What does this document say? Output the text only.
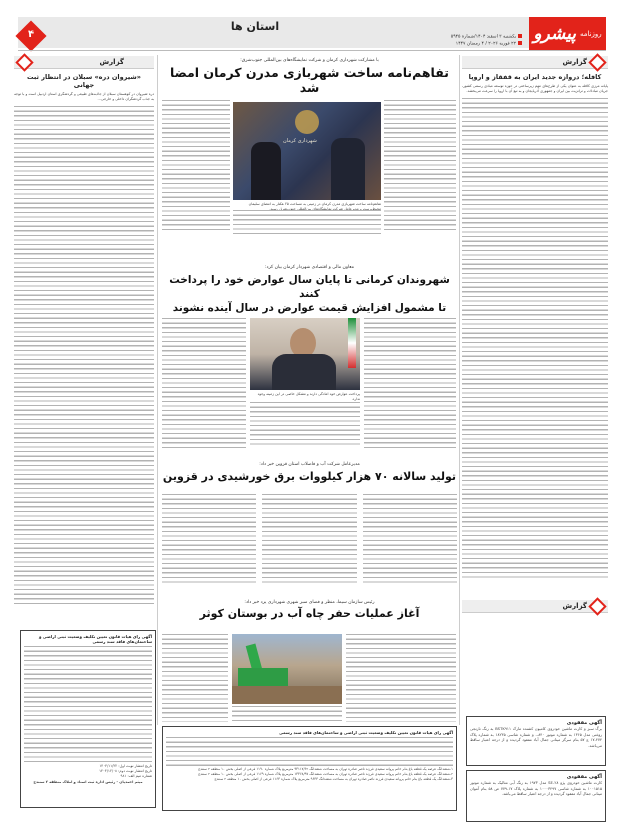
روزنامه
پیشرو
استان ها
یکشنبه ۳ اسفند ۱۴۰۴/شماره ۵۹۴۵
۲۲ فوریه ۲۰۲۶ / ۴ رمضان ۱۴۴۷
۴
گزارش
کافله؛ دروازه جدید ایران به قفقاز و اروپا
پایانه مرزی کافله به عنوان یکی از طرح‌های مهم زیرساختی در حوزه توسعه مبادی رسمی کشور، جریان مبادلات و ترانزیت بین ایران و جمهوری آذربایجان و به تبع آن با اروپا را سرعت می‌بخشد.
گزارش
گزارش
«شیروان دره» سبلان در انتظار ثبت جهانی
دره شیروان در کوهستان سبلان از جاذبه‌های طبیعی و گردشگری استان اردبیل است و با توجه به جذب گردشگران داخلی و خارجی...
با مشارکت شهرداری کرمان و شرکت نمایشگاه‌های بین‌المللی جنوب‌شرق:
تفاهم‌نامه ساخت شهربازی مدرن کرمان امضا شد
شهرداری کرمان
تفاهم‌نامه ساخت شهربازی مدرن کرمان در زمینی به مساحت ۲۵ هکتار به امضای سلیمان محیط‌پرست و مدیرعامل شرکت نمایشگاه‌های بین‌المللی جنوب‌شرق رسید.
معاون مالی و اقتصادی شهردار کرمان بیان کرد:
شهروندان کرمانی تا پایان سال عوارض خود را پرداخت کنند
تا مشمول افزایش قیمت عوارض در سال آینده نشوند
پرداخت عوارض خود آمادگی دارند و مشکل خاصی در این زمینه وجود ندارد.
مدیرعامل شرکت آب و فاضلاب استان قزوین خبر داد:
تولید سالانه ۷۰ هزار کیلووات برق خورشیدی در قزوین
رئیس سازمان سیما، منظر و فضای سبز شهری شهرداری یزد خبر داد:
آغاز عملیات حفر چاه آب در بوستان کوثر
آگهی رای هیات قانون تعیین تکلیف وضعیت ثبتی اراضی و ساختمان‌های فاقد سند رسمی
تاریخ انتشار نوبت اول: ۱۴۰۴/۱۱/۲۲
تاریخ انتشار نوبت دوم: ۱۴۰۴/۱۲/۰۸
شماره میم الف: ۹۸۱
میثم احمدیان - رئیس اداره ثبت اسناد و املاک منطقه ۲ سنندج
آگهی رای هیات قانون تعیین تکلیف وضعیت ثبتی اراضی و ساختمان‌های فاقد سند رسمی
۱-ششدانگ عرصه یک قطعه باغ بنام خانم پروانه سفیدی فرزند ناصر صادره تهران به مساحت ششدانگ ۹۳۱۱۷/۶۲ مترمربع پلاک شماره ۱۱۹۰ فرعی از اصلی بخش ۱۰ منطقه ۲ سنندج
۲-ششدانگ عرصه یک قطعه باغ بنام خانم پروانه سفیدی فرزند ناصر صادره تهران به مساحت ششدانگ ۱۳۳۶۸/۹۷ مترمربع پلاک شماره ۱۱۶۹ فرعی از اصلی بخش ۱۰ منطقه ۲ سنندج
۳-ششدانگ یک قطعه باغ بنام خانم پروانه سفیدی فرزند ناصر صادره تهران به مساحت ششدانگ ۹۶۳۳ مترمربع پلاک شماره ۱۱۶۳ فرعی از اصلی بخش ۱۰ منطقه ۲ سنندج
آگهی مفقودی
برگ سبز و کارت ماشین خودروی کامیون کشنده مارک BSTK۹۱۱ به رنگ نارنجی روغنی مدل ۱۳۶۵ به شماره موتور ۸۴۰-- و شماره شاسی ۱۸۲۳۵ به شماره پلاک ۴۷۴-۱۷ ع ۵۷ بنام سرگز مینانی جمال آباد مفقود گردیده و از درجه اعتبار ساقط می‌باشد.
آگهی مفقودی
کارت ماشین خودروی پژو SE-۲۸ مدل ۱۹۷۳ به رنگ آبی متالیک به شماره موتور ۱۰۰۱۵۱۵ به شماره شاسی ۱۰۰۰۳۴۹۷ به شماره پلاک ۱۷-۷۷۹ ص ۵۸ بنام آنتوان مینانی جمال آباد مفقود گردیده و از درجه اعتبار ساقط می‌باشد.
